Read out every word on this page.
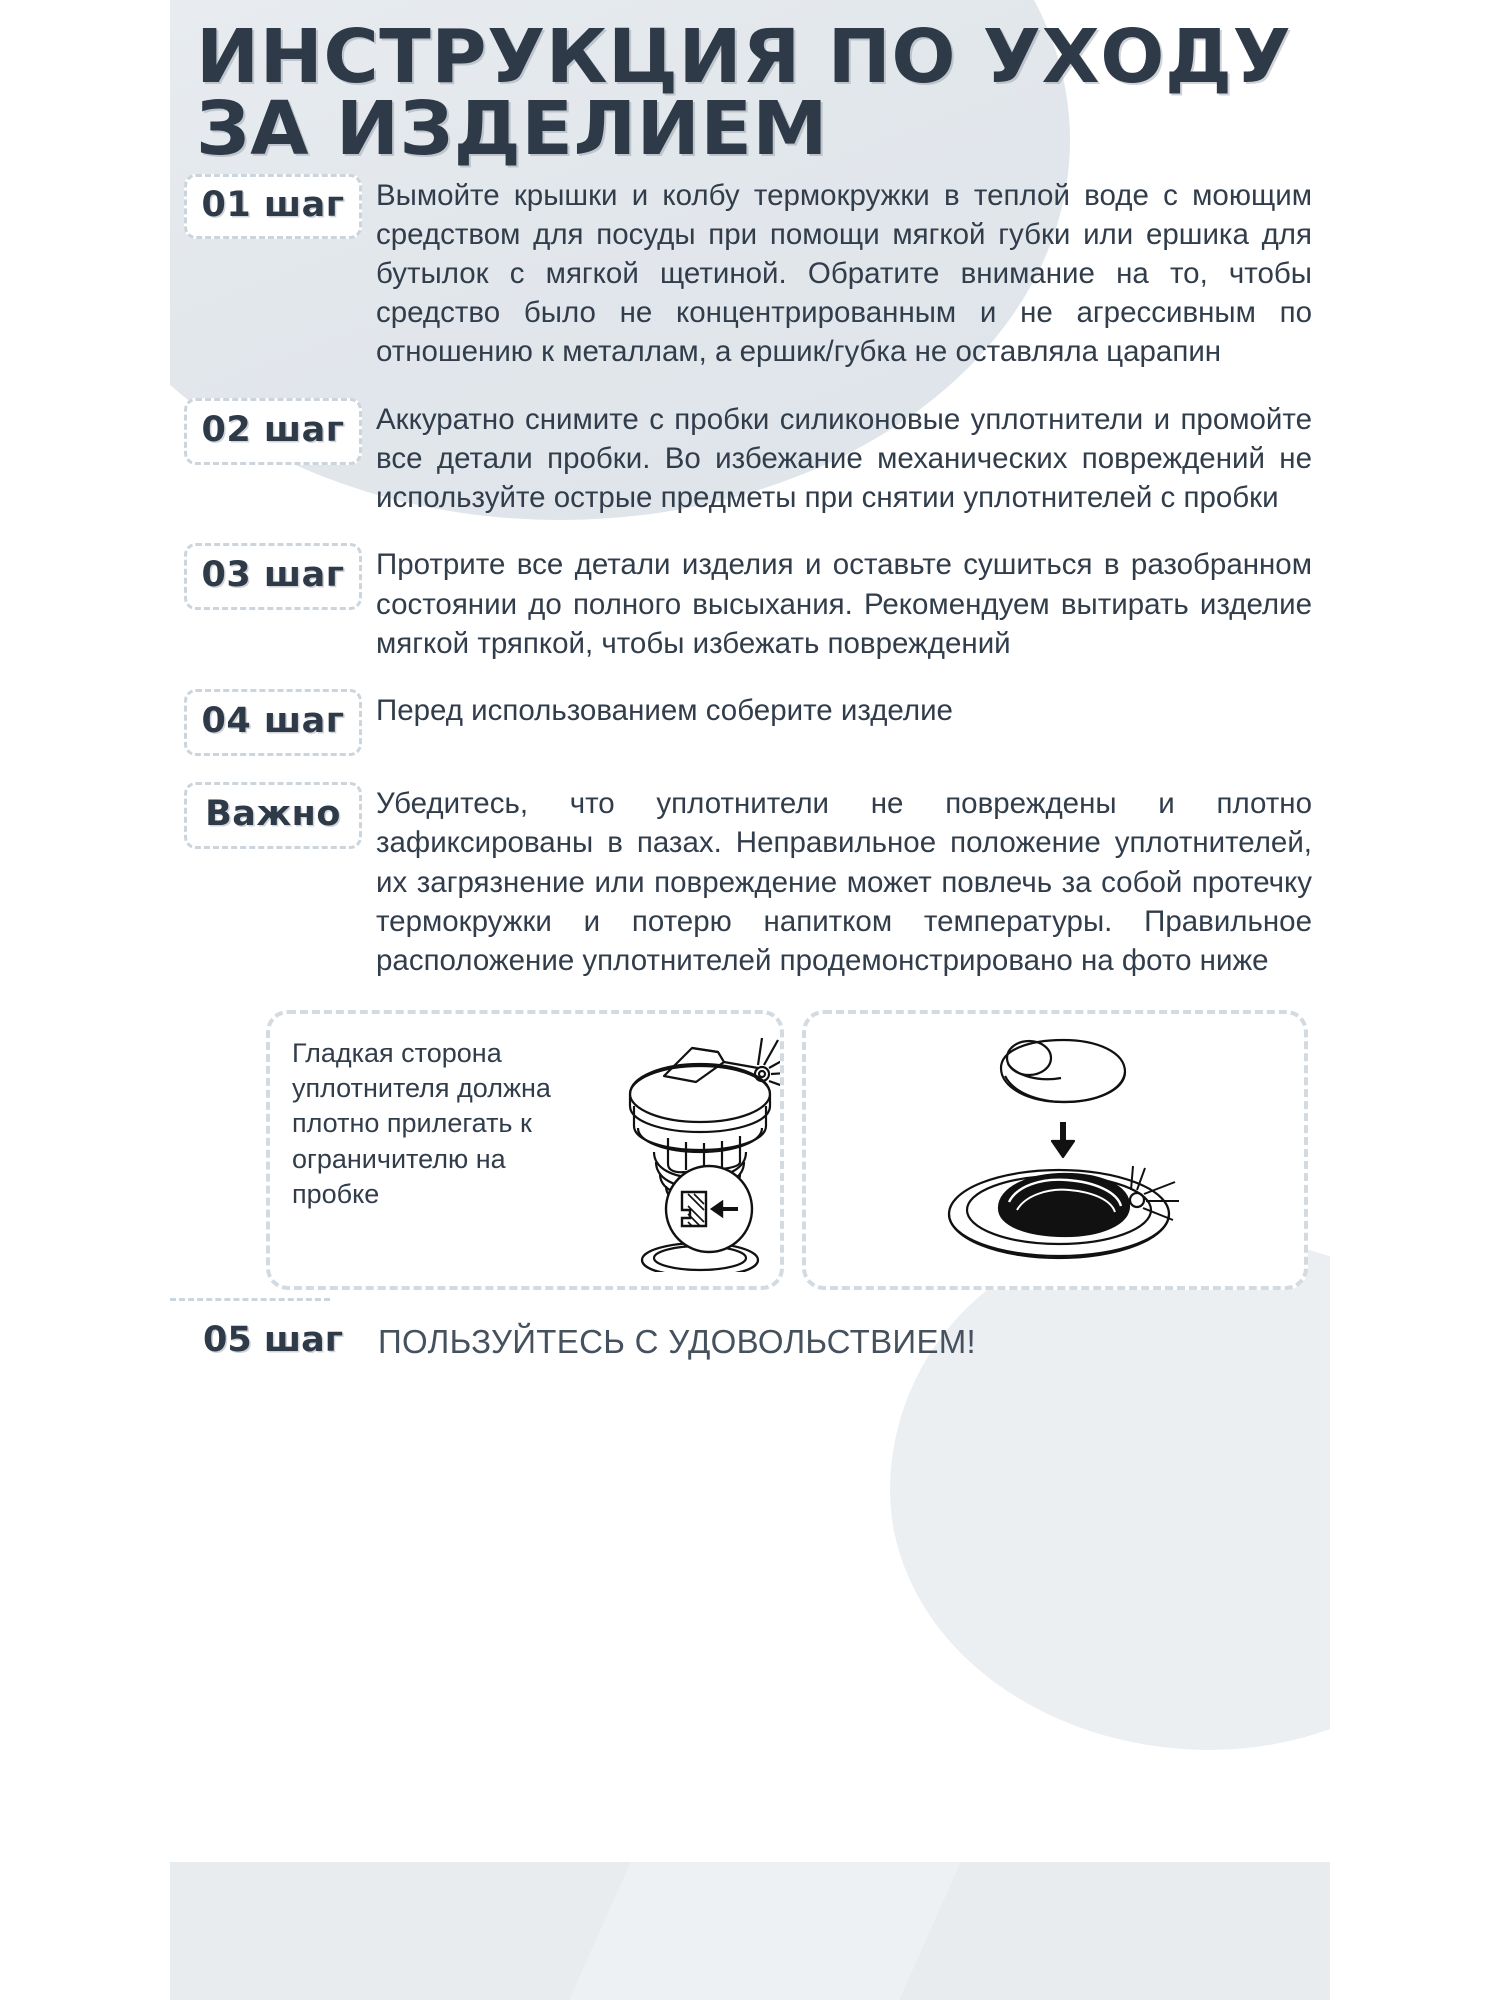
ИНСТРУКЦИЯ ПО УХОДУ
ЗА ИЗДЕЛИЕМ
01 шаг	Вымойте крышки и колбу термокружки в теплой воде с моющим средством для посуды при помощи мягкой губки или ершика для бутылок с мягкой щетиной. Обратите внимание на то, чтобы средство было не концентрированным и не агрессивным по отношению к металлам, а ершик/губка не оставляла царапин
02 шаг	Аккуратно снимите с пробки силиконовые уплотнители и промойте все детали пробки. Во избежание механических повреждений не используйте острые предметы при снятии уплотнителей с пробки
03 шаг	Протрите все детали изделия и оставьте сушиться в разобранном состоянии до полного высыхания. Рекомендуем вытирать изделие мягкой тряпкой, чтобы избежать повреждений
04 шаг	Перед использованием соберите изделие
Важно	Убедитесь, что уплотнители не повреждены и плотно зафиксированы в пазах. Неправильное положение уплотнителей, их загрязнение или повреждение может повлечь за собой протечку термокружки и потерю напитком температуры. Правильное расположение уплотнителей продемонстрировано на фото ниже
Гладкая сторона уплотнителя должна плотно прилегать к ограничителю на пробке
05 шаг	ПОЛЬЗУЙТЕСЬ С УДОВОЛЬСТВИЕМ!
